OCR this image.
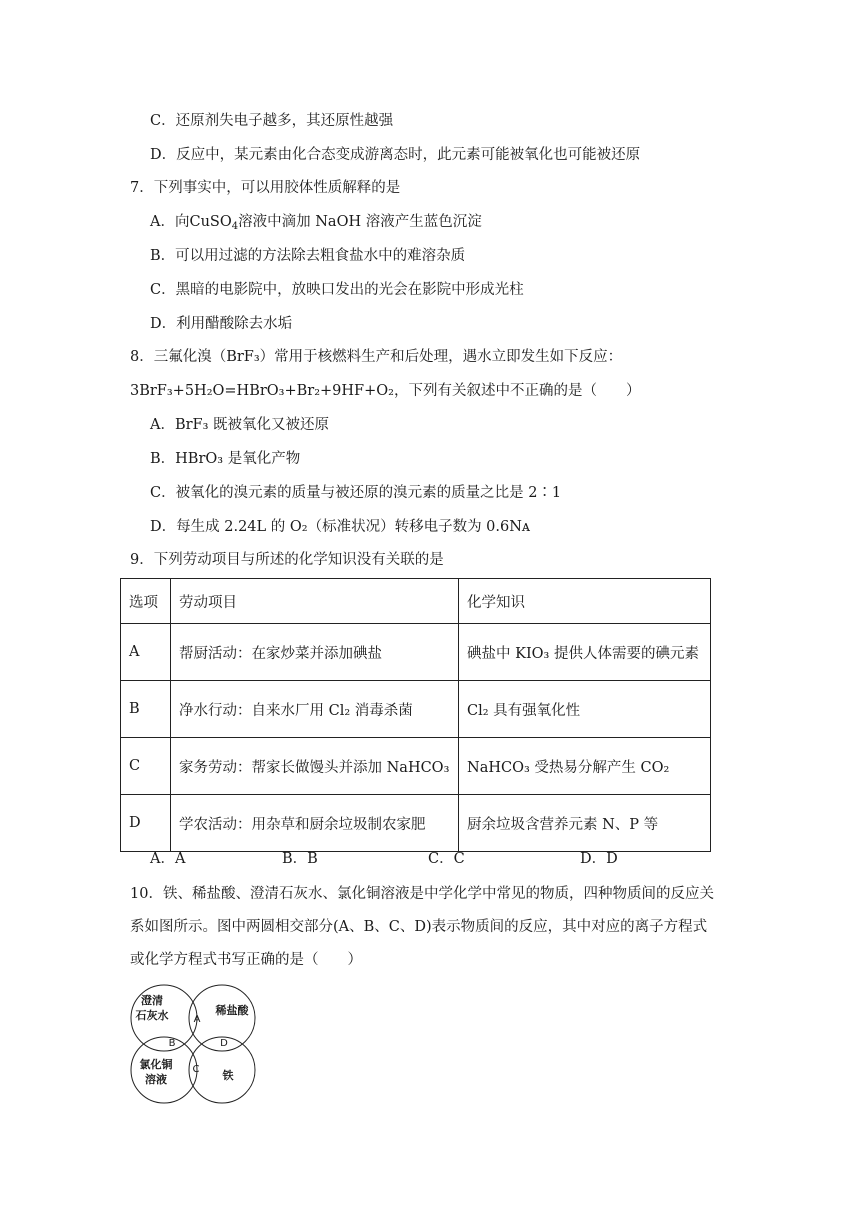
C．还原剂失电子越多，其还原性越强
D．反应中，某元素由化合态变成游离态时，此元素可能被氧化也可能被还原
7．下列事实中，可以用胶体性质解释的是
A．向CuSO$_4$溶液中滴加 NaOH 溶液产生蓝色沉淀
B．可以用过滤的方法除去粗食盐水中的难溶杂质
C．黑暗的电影院中，放映口发出的光会在影院中形成光柱
D．利用醋酸除去水垢
8．三氟化溴（BrF₃）常用于核燃料生产和后处理，遇水立即发生如下反应：
3BrF₃+5H₂O=HBrO₃+Br₂+9HF+O₂，下列有关叙述中不正确的是（　　）
A．BrF₃ 既被氧化又被还原
B．HBrO₃ 是氧化产物
C．被氧化的溴元素的质量与被还原的溴元素的质量之比是 2∶1
D．每生成 2.24L 的 O₂（标准状况）转移电子数为 0.6Nᴀ
9．下列劳动项目与所述的化学知识没有关联的是
选项	劳动项目	化学知识
A	帮厨活动：在家炒菜并添加碘盐	碘盐中 KIO₃ 提供人体需要的碘元素
B	净水行动：自来水厂用 Cl₂ 消毒杀菌	Cl₂ 具有强氧化性
C	家务劳动：帮家长做馒头并添加 NaHCO₃	NaHCO₃ 受热易分解产生 CO₂
D	学农活动：用杂草和厨余垃圾制农家肥	厨余垃圾含营养元素 N、P 等
A．A	B．B	C．C	D．D
10．铁、稀盐酸、澄清石灰水、氯化铜溶液是中学化学中常见的物质，四种物质间的反应关
系如图所示。图中两圆相交部分(A、B、C、D)表示物质间的反应，其中对应的离子方程式
或化学方程式书写正确的是（　　）
澄清
石灰水	稀盐酸
氯化铜
溶液	铁
A
B
C
D
